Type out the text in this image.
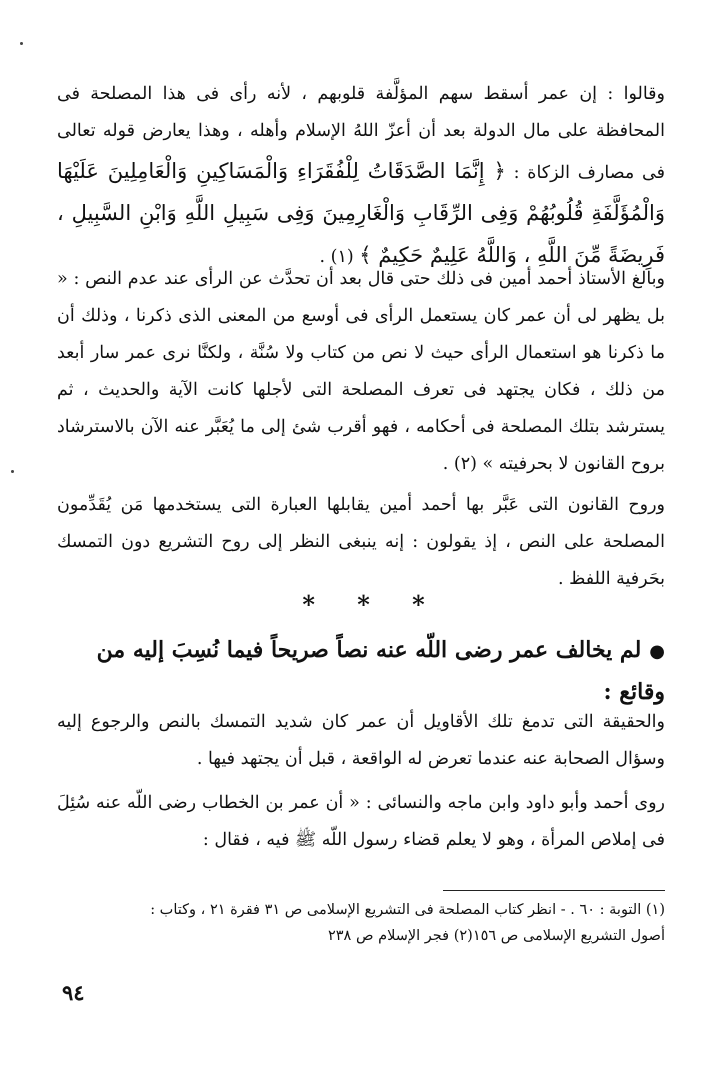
وقالوا : إن عمر أسقط سهم المؤلَّفة قلوبهم ، لأنه رأى فى هذا المصلحة فى المحافظة على مال الدولة بعد أن أعزّ اللهُ الإسلام وأهله ، وهذا يعارض قوله تعالى فى مصارف الزكاة : ﴿ إِنَّمَا الصَّدَقَاتُ لِلْفُقَرَاءِ وَالْمَسَاكِينِ وَالْعَامِلِينَ عَلَيْهَا وَالْمُؤَلَّفَةِ قُلُوبُهُمْ وَفِى الرِّقَابِ وَالْغَارِمِينَ وَفِى سَبِيلِ اللَّهِ وَابْنِ السَّبِيلِ ، فَرِيضَةً مِّنَ اللَّهِ ، وَاللَّهُ عَلِيمٌ حَكِيمٌ ﴾ (١) .

وبالغ الأستاذ أحمد أمين فى ذلك حتى قال بعد أن تحدَّث عن الرأى عند عدم النص : « بل يظهر لى أن عمر كان يستعمل الرأى فى أوسع من المعنى الذى ذكرنا ، وذلك أن ما ذكرنا هو استعمال الرأى حيث لا نص من كتاب ولا سُنَّة ، ولكنَّا نرى عمر سار أبعد من ذلك ، فكان يجتهد فى تعرف المصلحة التى لأجلها كانت الآية والحديث ، ثم يسترشد بتلك المصلحة فى أحكامه ، فهو أقرب شئ إلى ما يُعَبَّر عنه الآن بالاسترشاد بروح القانون لا بحرفيته » (٢) .

وروح القانون التى عَبَّر بها أحمد أمين يقابلها العبارة التى يستخدمها مَن يُقَدِّمون المصلحة على النص ، إذ يقولون : إنه ينبغى النظر إلى روح التشريع دون التمسك بحَرفية اللفظ .

* * *

●لم يخالف عمر رضى اللّه عنه نصاً صريحاً فيما نُسِبَ إليه من وقائع :

والحقيقة التى تدمغ تلك الأقاويل أن عمر كان شديد التمسك بالنص والرجوع إليه وسؤال الصحابة عنه عندما تعرض له الواقعة ، قبل أن يجتهد فيها .

روى أحمد وأبو داود وابن ماجه والنسائى : « أن عمر بن الخطاب رضى اللّه عنه سُئِلَ فى إملاص المرأة ، وهو لا يعلم قضاء رسول اللّه ﷺ فيه ، فقال :

(١) التوبة : ٦٠ . - انظر كتاب المصلحة فى التشريع الإسلامى ص ٣١ فقرة ٢١ ، وكتاب :
أصول التشريع الإسلامى ص ١٥٦(٢) فجر الإسلام ص ٢٣٨
٩٤
